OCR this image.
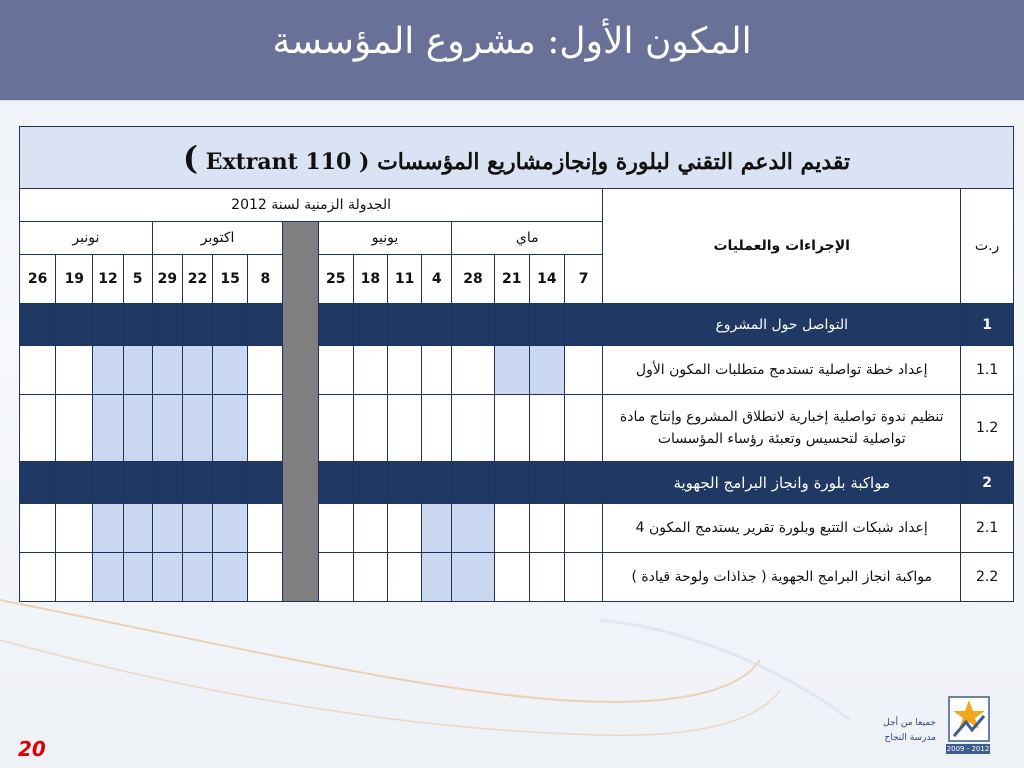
المكون الأول: مشروع المؤسسة
تقديم الدعم التقني لبلورة وإنجازمشاريع المؤسسات ( Extrant 110 )																		
الجدولة الزمنية لسنة 2012																	الإجراءات والعمليات	ر.ت
نونبر				اكتوبر					يونيو				ماي					
26	19	12	5	29	22	15	8		25	18	11	4	28	21	14	7		
																	التواصل حول المشروع	1
																	إعداد خطة تواصلية تستدمج متطلبات المكون الأول	1.1

																	تنظيم ندوة تواصلية إخبارية لانطلاق المشروع وإنتاج مادة
تواصلية لتحسيس وتعبئة رؤساء المؤسسات	1.2
																	مواكبة بلورة وانجاز البرامج الجهوية	2
																	إعداد شبكات التتبع وبلورة تقرير يستدمج المكون 4	2.1
																	مواكبة انجاز البرامج الجهوية ( جذاذات ولوحة قيادة )	2.2
جميعا من أجل
مدرسة النجاح
2009 - 2012
20
